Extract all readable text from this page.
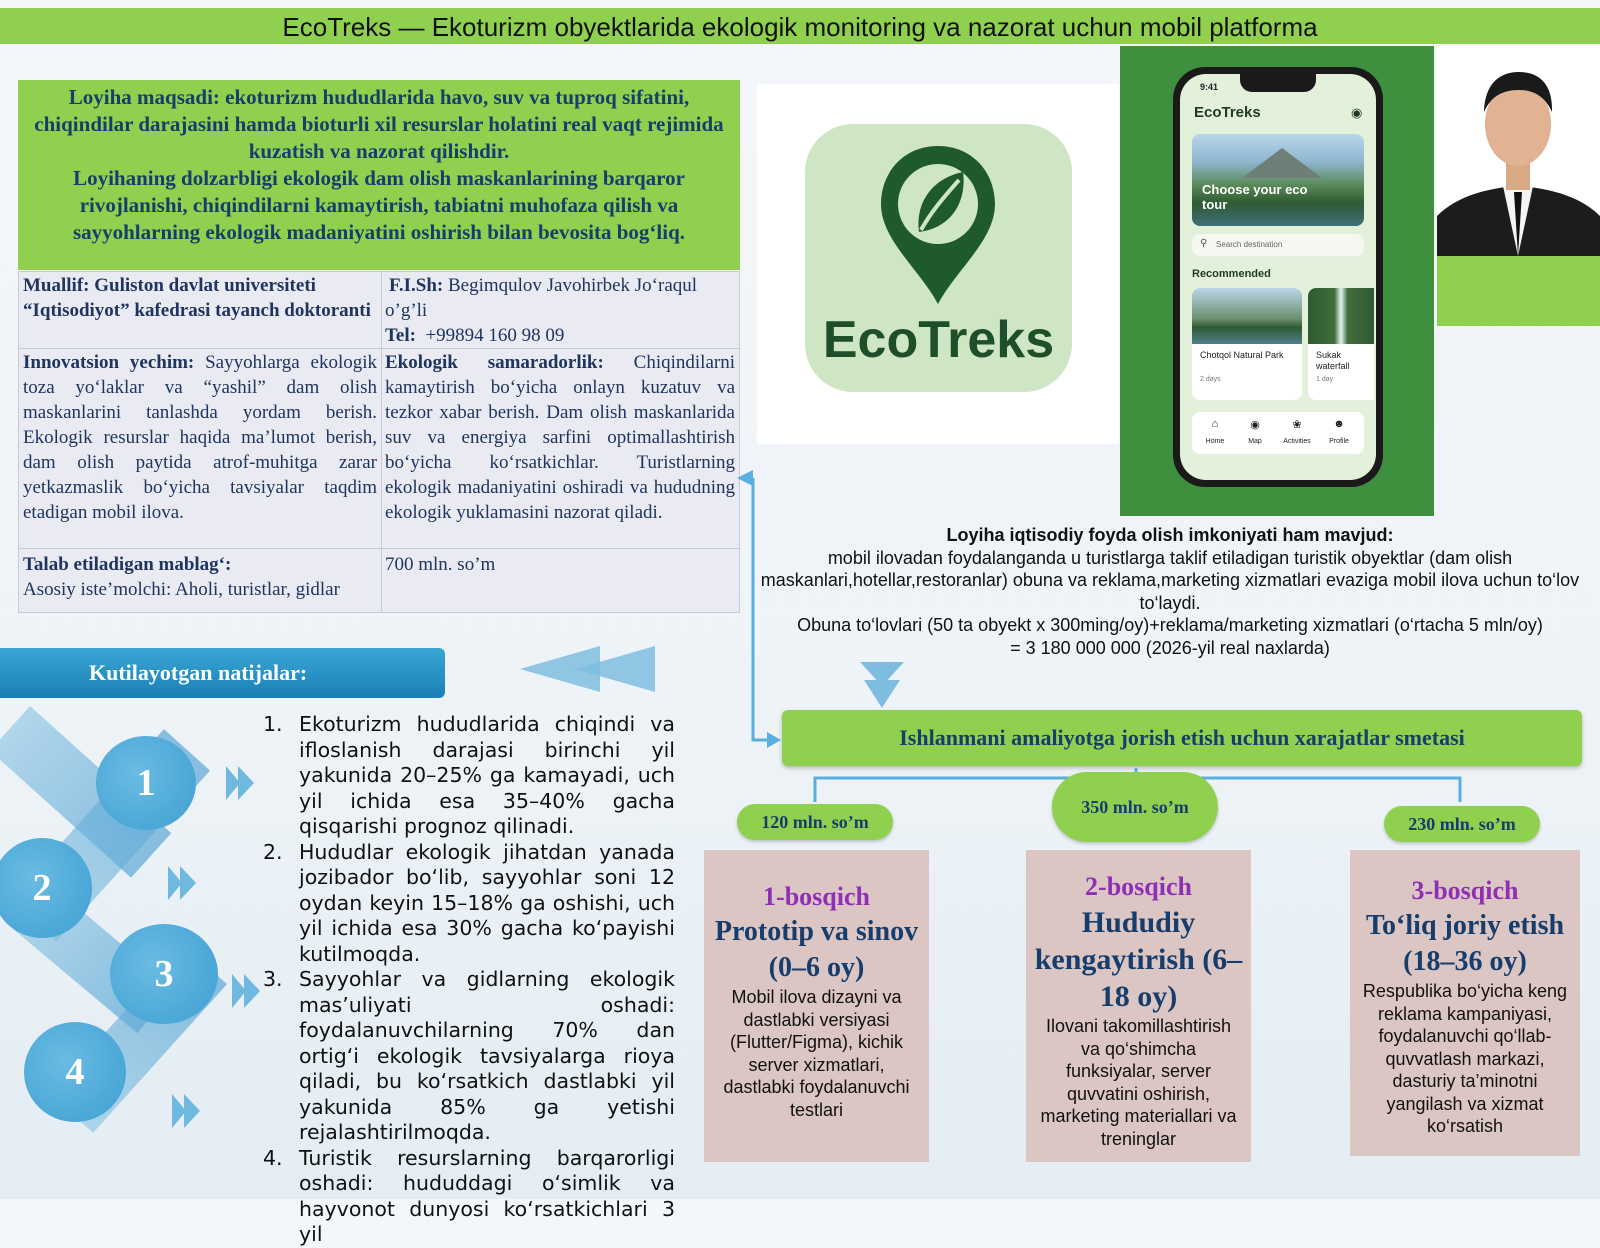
EcoTreks — Ekoturizm obyektlarida ekologik monitoring va nazorat uchun mobil platforma
Loyiha maqsadi: ekoturizm hududlarida havo, suv va tuproq sifatini, chiqindilar darajasini hamda bioturli xil resurslar holatini real vaqt rejimida kuzatish va nazorat qilishdir.
Loyihaning dolzarbligi ekologik dam olish maskanlarining barqaror rivojlanishi, chiqindilarni kamaytirish, tabiatni muhofaza qilish va sayyohlarning ekologik madaniyatini oshirish bilan bevosita bog‘liq.
Muallif: Guliston davlat universiteti “Iqtisodiyot” kafedrasi tayanch doktoranti
F.I.Sh: Begimqulov Javohirbek Jo‘raqul o’g’li
Tel: +99894 160 98 09
Innovatsion yechim: Sayyohlarga ekologik toza yo‘laklar va “yashil” dam olish maskanlarini tanlashda yordam berish. Ekologik resurslar haqida ma’lumot berish, dam olish paytida atrof-muhitga zarar yetkazmaslik bo‘yicha tavsiyalar taqdim etadigan mobil ilova.
Ekologik samaradorlik: Chiqindilarni kamaytirish bo‘yicha onlayn kuzatuv va tezkor xabar berish. Dam olish maskanlarida suv va energiya sarfini optimallashtirish bo‘yicha ko‘rsatkichlar. Turistlarning ekologik madaniyatini oshiradi va hududning ekologik yuklamasini nazorat qiladi.
Talab etiladigan mablag‘:
Asosiy iste’molchi: Aholi, turistlar, gidlar
700 mln. so’m
EcoTreks
9:41
EcoTreks	◉
Choose your eco tour
⚲ Search destination
Recommended
Chotqol Natural Park
2 days
Sukak waterfall
1 day
⌂
Home
◉
Map
❀
Activities
☻
Profile
Loyiha iqtisodiy foyda olish imkoniyati ham mavjud:
mobil ilovadan foydalanganda u turistlarga taklif etiladigan turistik obyektlar (dam olish maskanlari,hotellar,restoranlar) obuna va reklama,marketing xizmatlari evaziga mobil ilova uchun to‘lov to‘laydi.
Obuna to‘lovlari (50 ta obyekt x 300ming/oy)+reklama/marketing xizmatlari (o‘rtacha 5 mln/oy)
= 3 180 000 000 (2026-yil real naxlarda)
Kutilayotgan natijalar:
1
2
3
4
1. Ekoturizm hududlarida chiqindi va ifloslanish darajasi birinchi yil yakunida 20–25% ga kamayadi, uch yil ichida esa 35–40% gacha qisqarishi prognoz qilinadi.
2. Hududlar ekologik jihatdan yanada jozibador bo‘lib, sayyohlar soni 12 oydan keyin 15–18% ga oshishi, uch yil ichida esa 30% gacha ko‘payishi kutilmoqda.
3. Sayyohlar va gidlarning ekologik mas’uliyati oshadi: foydalanuvchilarning 70% dan ortig‘i ekologik tavsiyalarga rioya qiladi, bu ko‘rsatkich dastlabki yil yakunida 85% ga yetishi rejalashtirilmoqda.
4. Turistik resurslarning barqarorligi oshadi: hududdagi o‘simlik va hayvonot dunyosi ko‘rsatkichlari 3 yil
Ishlanmani amaliyotga jorish etish uchun xarajatlar smetasi
120 mln. so’m
350 mln. so’m
230 mln. so’m
1-bosqich
Prototip va sinov (0–6 oy)
Mobil ilova dizayni va dastlabki versiyasi (Flutter/Figma), kichik server xizmatlari, dastlabki foydalanuvchi testlari
2-bosqich
Hududiy kengaytirish (6–18 oy)
Ilovani takomillashtirish va qo‘shimcha funksiyalar, server quvvatini oshirish, marketing materiallari va treninglar
3-bosqich
To‘liq joriy etish (18–36 oy)
Respublika bo‘yicha keng reklama kampaniyasi, foydalanuvchi qo‘llab-quvvatlash markazi, dasturiy ta’minotni yangilash va xizmat ko‘rsatish
